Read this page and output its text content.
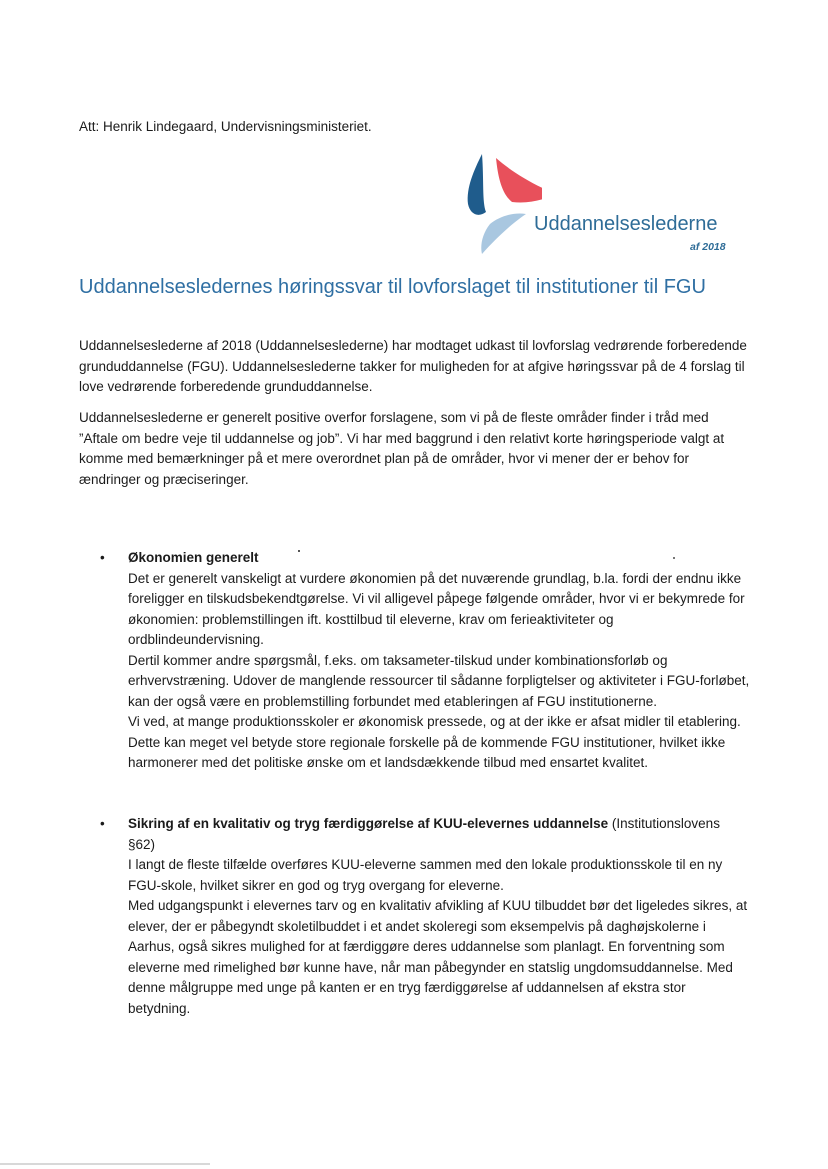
Att: Henrik Lindegaard, Undervisningsministeriet.
Uddannelseslederne
af 2018
Uddannelsesledernes høringssvar til lovforslaget til institutioner til FGU
Uddannelseslederne af 2018 (Uddannelseslederne) har modtaget udkast til lovforslag vedrørende forberedende grunduddannelse (FGU). Uddannelseslederne takker for muligheden for at afgive høringssvar på de 4 forslag til love vedrørende forberedende grunduddannelse.
Uddannelseslederne er generelt positive overfor forslagene, som vi på de fleste områder finder i tråd med ”Aftale om bedre veje til uddannelse og job”. Vi har med baggrund i den relativt korte høringsperiode valgt at komme med bemærkninger på et mere overordnet plan på de områder, hvor vi mener der er behov for ændringer og præciseringer.
•	Økonomien generelt
Det er generelt vanskeligt at vurdere økonomien på det nuværende grundlag, b.la. fordi der endnu ikke foreligger en tilskudsbekendtgørelse. Vi vil alligevel påpege følgende områder, hvor vi er bekymrede for økonomien: problemstillingen ift. kosttilbud til eleverne, krav om ferieaktiviteter og ordblindeundervisning.
Dertil kommer andre spørgsmål, f.eks. om taksameter-tilskud under kombinationsforløb og erhvervstræning. Udover de manglende ressourcer til sådanne forpligtelser og aktiviteter i FGU-forløbet, kan der også være en problemstilling forbundet med etableringen af FGU institutionerne.
Vi ved, at mange produktionsskoler er økonomisk pressede, og at der ikke er afsat midler til etablering. Dette kan meget vel betyde store regionale forskelle på de kommende FGU institutioner, hvilket ikke harmonerer med det politiske ønske om et landsdækkende tilbud med ensartet kvalitet.
•	Sikring af en kvalitativ og tryg færdiggørelse af KUU-elevernes uddannelse (Institutionslovens §62)
I langt de fleste tilfælde overføres KUU-eleverne sammen med den lokale produktionsskole til en ny FGU-skole, hvilket sikrer en god og tryg overgang for eleverne.
Med udgangspunkt i elevernes tarv og en kvalitativ afvikling af KUU tilbuddet bør det ligeledes sikres, at elever, der er påbegyndt skoletilbuddet i et andet skoleregi som eksempelvis på daghøjskolerne i Aarhus, også sikres mulighed for at færdiggøre deres uddannelse som planlagt. En forventning som eleverne med rimelighed bør kunne have, når man påbegynder en statslig ungdomsuddannelse. Med denne målgruppe med unge på kanten er en tryg færdiggørelse af uddannelsen af ekstra stor betydning.
